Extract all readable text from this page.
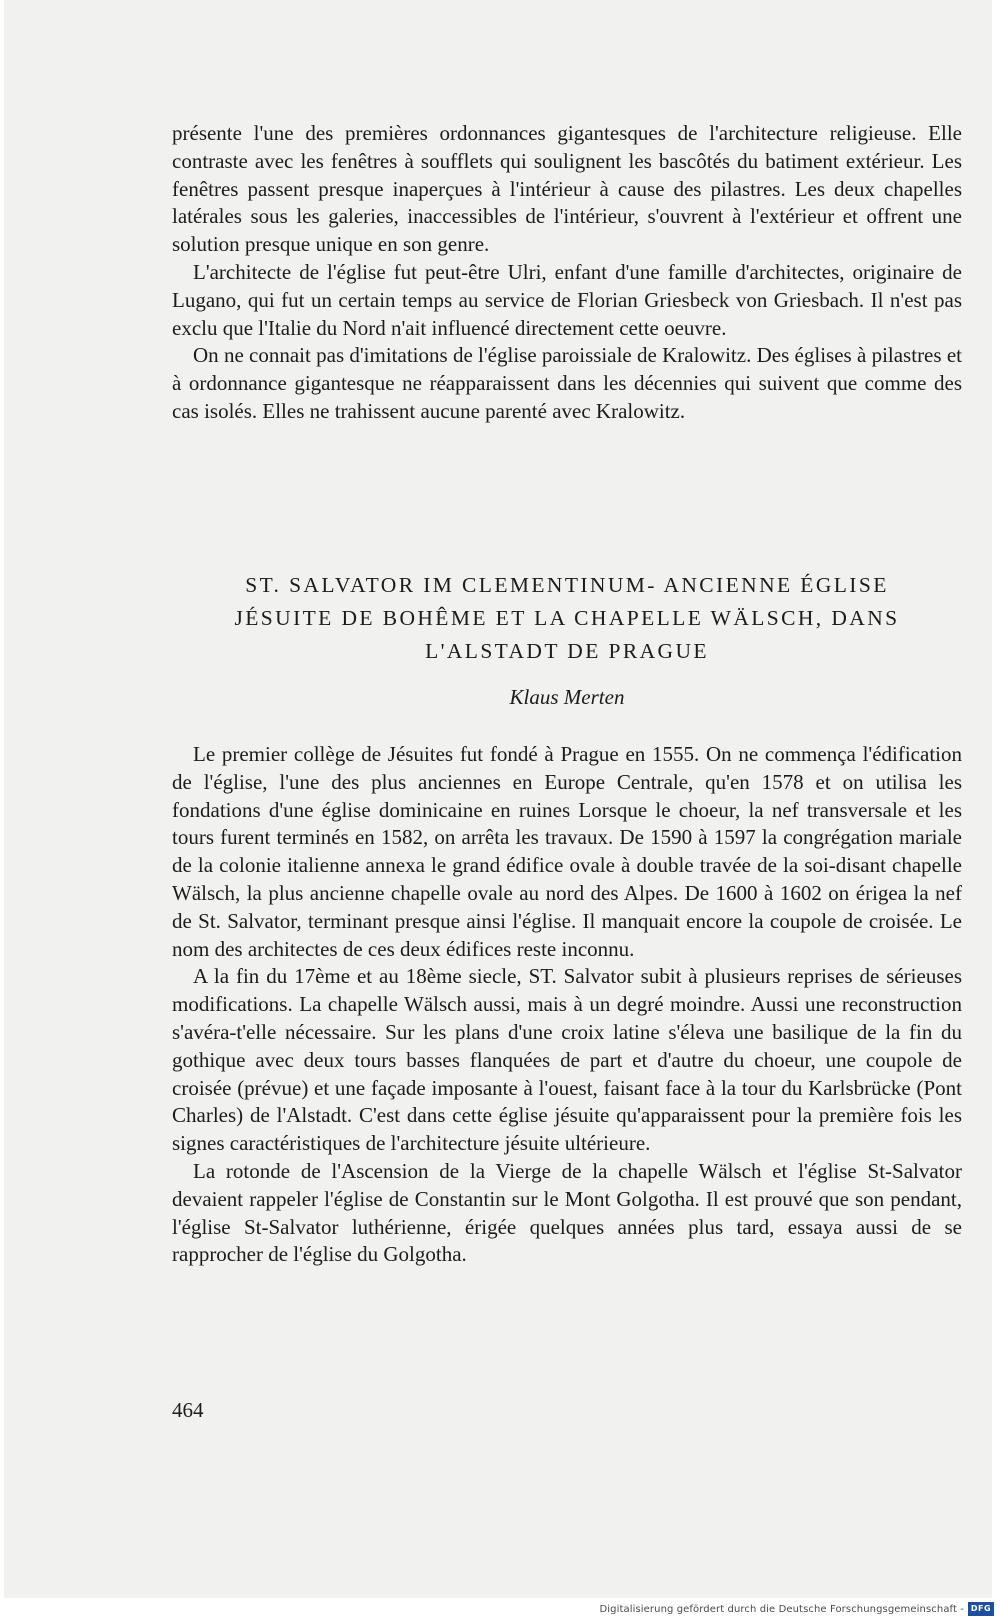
présente l'une des premières ordonnances gigantesques de l'architecture religieuse. Elle contraste avec les fenêtres à soufflets qui soulignent les bascôtés du batiment extérieur. Les fenêtres passent presque inaperçues à l'intérieur à cause des pilastres. Les deux chapelles latérales sous les galeries, inaccessibles de l'intérieur, s'ouvrent à l'extérieur et offrent une solution presque unique en son genre.

L'architecte de l'église fut peut-être Ulri, enfant d'une famille d'architectes, originaire de Lugano, qui fut un certain temps au service de Florian Griesbeck von Griesbach. Il n'est pas exclu que l'Italie du Nord n'ait influencé directement cette oeuvre.

On ne connait pas d'imitations de l'église paroissiale de Kralowitz. Des églises à pilastres et à ordonnance gigantesque ne réapparaissent dans les décennies qui suivent que comme des cas isolés. Elles ne trahissent aucune parenté avec Kralowitz.

ST. SALVATOR IM CLEMENTINUM- ANCIENNE ÉGLISE
JÉSUITE DE BOHÊME ET LA CHAPELLE WÄLSCH, DANS
L'ALSTADT DE PRAGUE
Klaus Merten

Le premier collège de Jésuites fut fondé à Prague en 1555. On ne commença l'édification de l'église, l'une des plus anciennes en Europe Centrale, qu'en 1578 et on utilisa les fondations d'une église dominicaine en ruines Lorsque le choeur, la nef transversale et les tours furent terminés en 1582, on arrêta les travaux. De 1590 à 1597 la congrégation mariale de la colonie italienne annexa le grand édifice ovale à double travée de la soi-disant chapelle Wälsch, la plus ancienne chapelle ovale au nord des Alpes. De 1600 à 1602 on érigea la nef de St. Salvator, terminant presque ainsi l'église. Il manquait encore la coupole de croisée. Le nom des architectes de ces deux édifices reste inconnu.

A la fin du 17ème et au 18ème siecle, ST. Salvator subit à plusieurs reprises de sérieuses modifications. La chapelle Wälsch aussi, mais à un degré moindre. Aussi une reconstruction s'avéra-t'elle nécessaire. Sur les plans d'une croix latine s'éleva une basilique de la fin du gothique avec deux tours basses flanquées de part et d'autre du choeur, une coupole de croisée (prévue) et une façade imposante à l'ouest, faisant face à la tour du Karlsbrücke (Pont Charles) de l'Alstadt. C'est dans cette église jésuite qu'apparaissent pour la première fois les signes caractéristiques de l'architecture jésuite ultérieure.

La rotonde de l'Ascension de la Vierge de la chapelle Wälsch et l'église St-Salvator devaient rappeler l'église de Constantin sur le Mont Golgotha. Il est prouvé que son pendant, l'église St-Salvator luthérienne, érigée quelques années plus tard, essaya aussi de se rapprocher de l'église du Golgotha.

464
Digitalisierung gefördert durch die Deutsche Forschungsgemeinschaft - DFG
